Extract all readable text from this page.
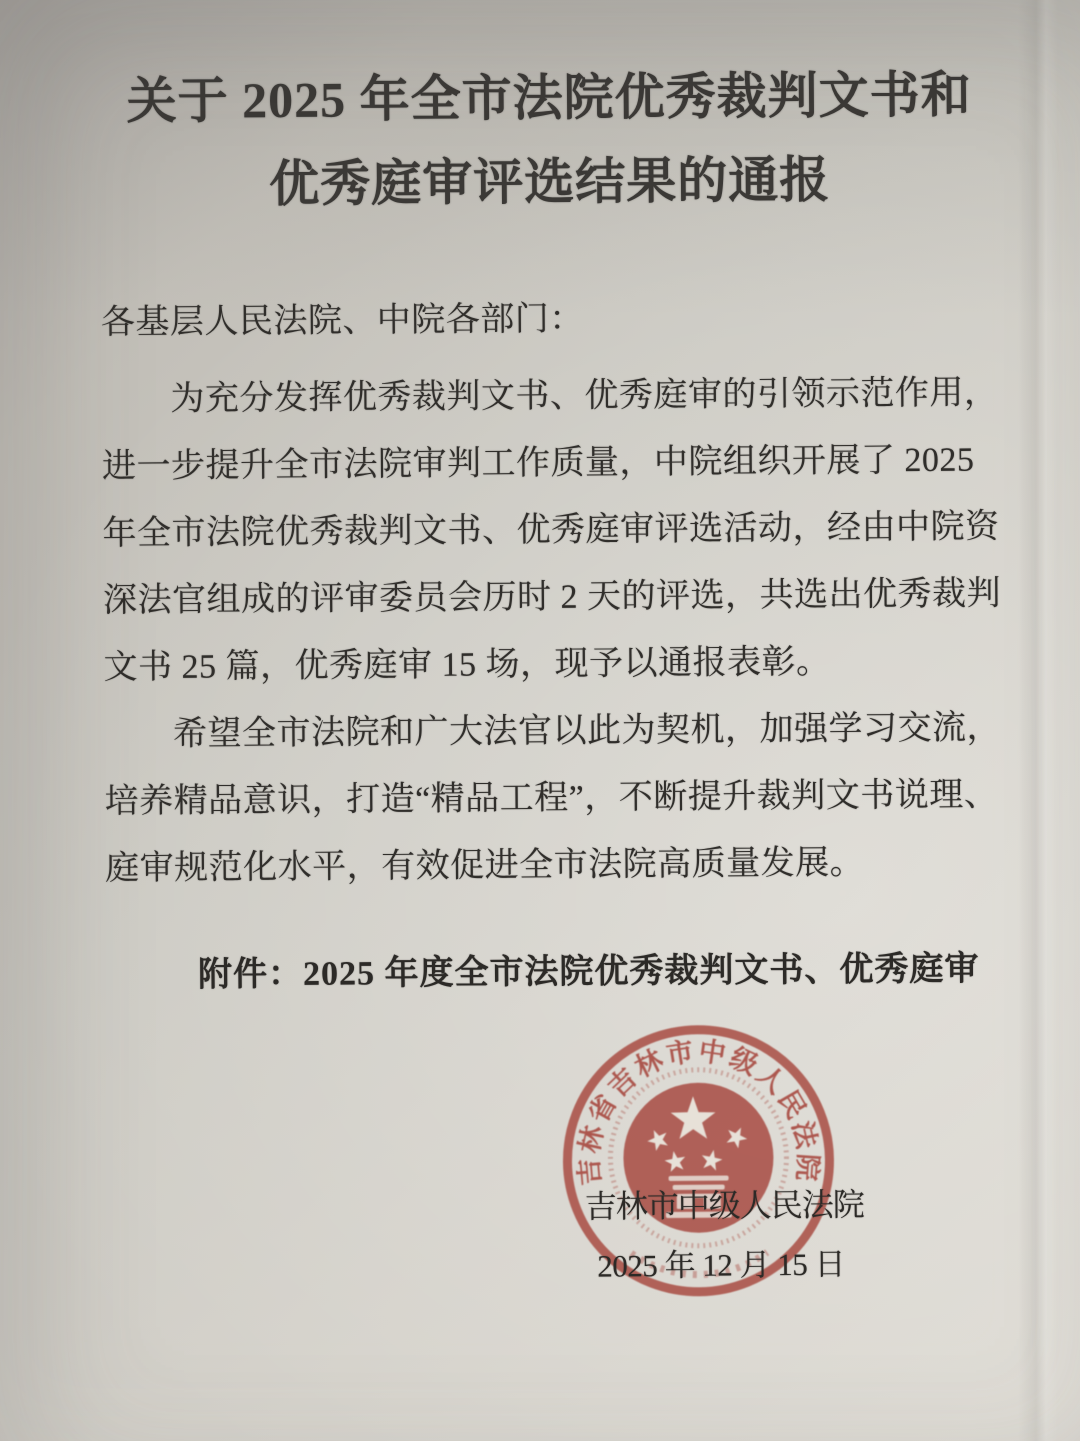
关于 2025 年全市法院优秀裁判文书和
优秀庭审评选结果的通报
各基层人民法院、中院各部门：
　　为充分发挥优秀裁判文书、优秀庭审的引领示范作用，
进一步提升全市法院审判工作质量，中院组织开展了 2025
年全市法院优秀裁判文书、优秀庭审评选活动，经由中院资
深法官组成的评审委员会历时 2 天的评选，共选出优秀裁判
文书 25 篇，优秀庭审 15 场，现予以通报表彰。
　　希望全市法院和广大法官以此为契机，加强学习交流，
培养精品意识，打造“精品工程”，不断提升裁判文书说理、
庭审规范化水平，有效促进全市法院高质量发展。
附件：2025 年度全市法院优秀裁判文书、优秀庭审
吉林省吉林市中级人民法院
吉林市中级人民法院
2025 年 12 月 15 日
